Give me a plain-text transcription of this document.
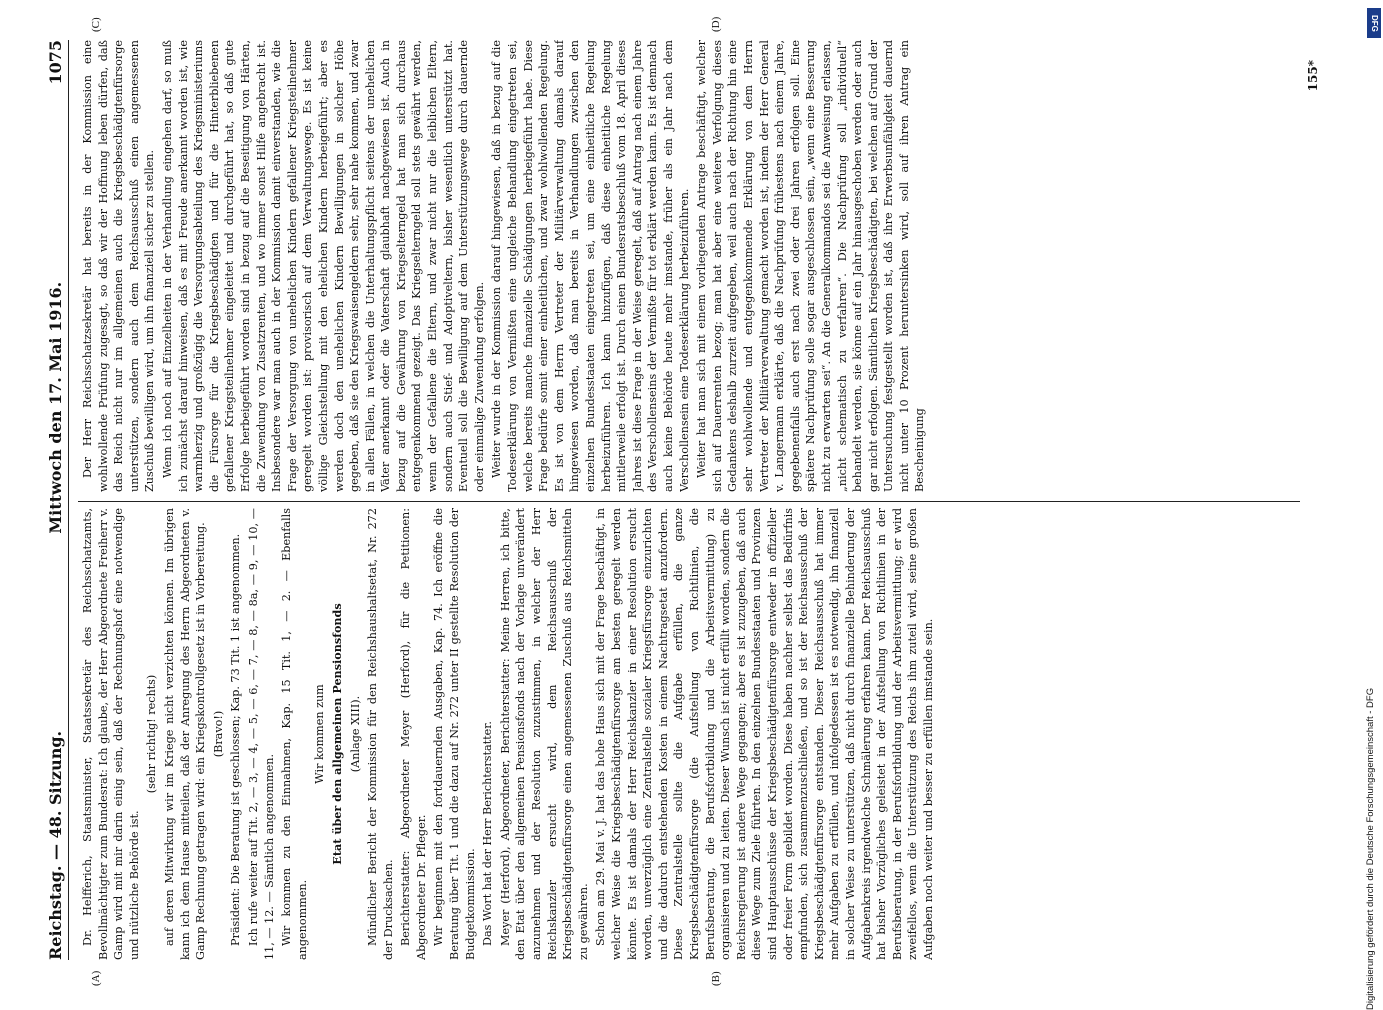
Reichstag. — 48. Sitzung.
Mittwoch den 17. Mai 1916.
1075
(A)	(B)
(C)	(D)

Dr. Helfferich, Staatsminister, Staatssekretär des Reichsschatzamts, Bevollmächtigter zum Bundesrat: Ich glaube, der Herr Abgeordnete Freiherr v. Gamp wird mit mir darin einig sein, daß der Rechnungshof eine notwendige und nützliche Behörde ist.

(sehr richtig! rechts) auf deren Mitwirkung wir im Kriege nicht verzichten können. Im übrigen kann ich dem Hause mitteilen, daß der Anregung des Herrn Abgeordneten v. Gamp Rechnung getragen wird: ein Kriegskontrollgesetz ist in Vorbereitung. (Bravo!) Präsident: Die Beratung ist geschlossen; Kap. 73 Tit. 1 ist angenommen. Ich rufe weiter auf Tit. 2, — 3, — 4, — 5, — 6, — 7, — 8, — 8a, — 9, — 10, — 11, — 12. — Sämtlich angenommen. Wir kommen zu den Einnahmen, Kap. 15 Tit. 1, — 2. — Ebenfalls angenommen.

Wir kommen zum Etat über den allgemeinen Pensionsfonds (Anlage XIII). Mündlicher Bericht der Kommission für den Reichshaushaltsetat, Nr. 272 der Drucksachen. Berichterstatter: Abgeordneter Meyer (Herford), für die Petitionen: Abgeordneter Dr. Pfleger. Wir beginnen mit den fortdauernden Ausgaben, Kap. 74. Ich eröffne die Beratung über Tit. 1 und die dazu auf Nr. 272 unter II gestellte Resolution der Budgetkommission. Das Wort hat der Herr Berichterstatter. Meyer (Herford), Abgeordneter, Berichterstatter: Meine Herren, ich bitte, den Etat über den allgemeinen Pensionsfonds nach der Vorlage unverändert anzunehmen und der Resolution zuzustimmen, in welcher der Herr Reichskanzler ersucht wird, dem Reichsausschuß der Kriegsbeschädigtenfürsorge einen angemessenen Zuschuß aus Reichsmitteln zu gewähren. Schon am 29. Mai v. J. hat das hohe Haus sich mit der Frage beschäftigt, in welcher Weise die Kriegsbeschädigtenfürsorge am besten geregelt werden könnte. Es ist damals der Herr Reichskanzler in einer Resolution ersucht worden, unverzüglich eine Zentralstelle sozialer Kriegsfürsorge einzurichten und die dadurch entstehenden Kosten in einem Nachtragsetat anzufordern. Diese Zentralstelle sollte die Aufgabe erfüllen, die ganze Kriegsbeschädigtenfürsorge (die Aufstellung von Richtlinien, die Berufsberatung, die Berufsfortbildung und die Arbeitsvermittlung) zu organisieren und zu leiten. Dieser Wunsch ist nicht erfüllt worden, sondern die Reichsregierung ist andere Wege gegangen; aber es ist zuzugeben, daß auch diese Wege zum Ziele führten. In den einzelnen Bundesstaaten und Provinzen sind Hauptausschüsse der Kriegsbeschädigtenfürsorge entweder in offizieller oder freier Form gebildet worden. Diese haben nachher selbst das Bedürfnis empfunden, sich zusammenzuschließen, und so ist der Reichsausschuß der Kriegsbeschädigtenfürsorge entstanden. Dieser Reichsausschuß hat immer mehr Aufgaben zu erfüllen, und infolgedessen ist es notwendig, ihn finanziell in solcher Weise zu unterstützen, daß nicht durch finanzielle Behinderung der Aufgabenkreis irgendwelche Schmälerung erfahren kann. Der Reichsausschuß hat bisher Vorzügliches geleistet in der Aufstellung von Richtlinien in der Berufsberatung, in der Berufsfortbildung und der Arbeitsvermittlung; er wird zweifellos, wenn die Unterstützung des Reichs ihm zuteil wird, seine großen Aufgaben noch weiter und besser zu erfüllen imstande sein.

Der Herr Reichsschatzsekretär hat bereits in der Kommission eine wohlwollende Prüfung zugesagt, so daß wir der Hoffnung leben dürfen, daß das Reich nicht nur im allgemeinen auch die Kriegsbeschädigtenfürsorge unterstützen, sondern auch dem Reichsausschuß einen angemessenen Zuschuß bewilligen wird, um ihn finanziell sicher zu stellen. Wenn ich noch auf Einzelheiten in der Verhandlung eingehen darf, so muß ich zunächst darauf hinweisen, daß es mit Freude anerkannt worden ist, wie warmherzig und großzügig die Versorgungsabteilung des Kriegsministeriums die Fürsorge für die Kriegsbeschädigten und für die Hinterbliebenen gefallener Kriegsteilnehmer eingeleitet und durchgeführt hat, so daß gute Erfolge herbeigeführt worden sind in bezug auf die Beseitigung von Härten, die Zuwendung von Zusatzrenten, und wo immer sonst Hilfe angebracht ist. Insbesondere war man auch in der Kommission damit einverstanden, wie die Frage der Versorgung von unehelichen Kindern gefallener Kriegsteilnehmer geregelt worden ist: provisorisch auf dem Verwaltungswege. Es ist keine völlige Gleichstellung mit den ehelichen Kindern herbeigeführt; aber es werden doch den unehelichen Kindern Bewilligungen in solcher Höhe gegeben, daß sie den Kriegswaisengeldern sehr, sehr nahe kommen, und zwar in allen Fällen, in welchen die Unterhaltungspflicht seitens der unehelichen Väter anerkannt oder die Vaterschaft glaubhaft nachgewiesen ist. Auch in bezug auf die Gewährung von Kriegselterngeld hat man sich durchaus entgegenkommend gezeigt. Das Kriegselterngeld soll stets gewährt werden, wenn der Gefallene die Eltern, und zwar nicht nur die leiblichen Eltern, sondern auch Stief- und Adoptiveltern, bisher wesentlich unterstützt hat. Eventuell soll die Bewilligung auf dem Unterstützungswege durch dauernde oder einmalige Zuwendung erfolgen. Weiter wurde in der Kommission darauf hingewiesen, daß in bezug auf die Todeserklärung von Vermißten eine ungleiche Behandlung eingetreten sei, welche bereits manche finanzielle Schädigungen herbeigeführt habe. Diese Frage bedürfe somit einer einheitlichen, und zwar wohlwollenden Regelung. Es ist von dem Herrn Vertreter der Militärverwaltung damals darauf hingewiesen worden, daß man bereits in Verhandlungen zwischen den einzelnen Bundesstaaten eingetreten sei, um eine einheitliche Regelung herbeizuführen. Ich kann hinzufügen, daß diese einheitliche Regelung mittlerweile erfolgt ist. Durch einen Bundesratsbeschluß vom 18. April dieses Jahres ist diese Frage in der Weise geregelt, daß auf Antrag nach einem Jahre des Verschollenseins der Vermißte für tot erklärt werden kann. Es ist demnach auch keine Behörde heute mehr imstande, früher als ein Jahr nach dem Verschollensein eine Todeserklärung herbeizuführen. Weiter hat man sich mit einem vorliegenden Antrage beschäftigt, welcher sich auf Dauerrenten bezog; man hat aber eine weitere Verfolgung dieses Gedankens deshalb zurzeit aufgegeben, weil auch nach der Richtung hin eine sehr wohlwollende und entgegenkommende Erklärung von dem Herrn Vertreter der Militärverwaltung gemacht worden ist, indem der Herr General v. Langermann erklärte, daß die Nachprüfung frühestens nach einem Jahre, gegebenenfalls auch erst nach zwei oder drei Jahren erfolgen soll. Eine spätere Nachprüfung solle sogar ausgeschlossen sein, „wenn eine Besserung nicht zu erwarten sei“. An die Generalkommandos sei die Anweisung erlassen, „nicht schematisch zu verfahren“. Die Nachprüfung soll „individuell“ behandelt werden, sie könne auf ein Jahr hinausgeschoben werden oder auch gar nicht erfolgen. Sämtlichen Kriegsbeschädigten, bei welchen auf Grund der Untersuchung festgestellt worden ist, daß ihre Erwerbsunfähigkeit dauernd nicht unter 10 Prozent heruntersinken wird, soll auf ihren Antrag ein Bescheinigung

155*
DFG
Digitalisierung gefördert durch die Deutsche Forschungsgemeinschaft - DFG
